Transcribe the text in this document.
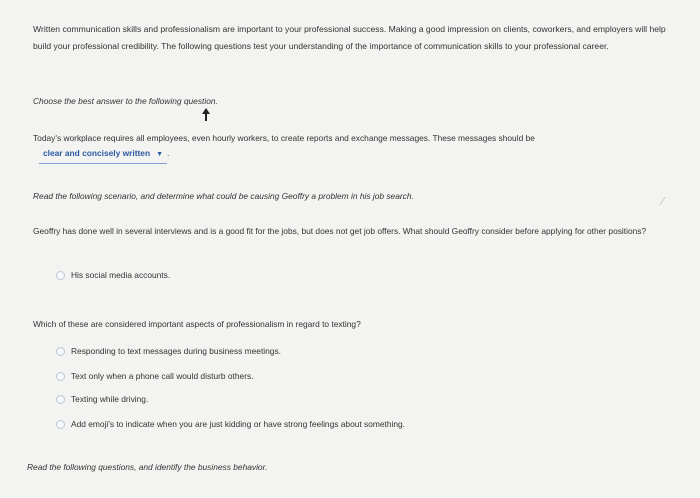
Written communication skills and professionalism are important to your professional success. Making a good impression on clients, coworkers, and employers will help build your professional credibility. The following questions test your understanding of the importance of communication skills to your professional career.
Choose the best answer to the following question.
Today's workplace requires all employees, even hourly workers, to create reports and exchange messages. These messages should beclear and concisely written ▼ .
Read the following scenario, and determine what could be causing Geoffry a problem in his job search.
Geoffry has done well in several interviews and is a good fit for the jobs, but does not get job offers. What should Geoffry consider before applying for other positions?
His social media accounts.
Which of these are considered important aspects of professionalism in regard to texting?
Responding to text messages during business meetings.
Text only when a phone call would disturb others.
Texting while driving.
Add emoji's to indicate when you are just kidding or have strong feelings about something.
Read the following questions, and identify the business behavior.
